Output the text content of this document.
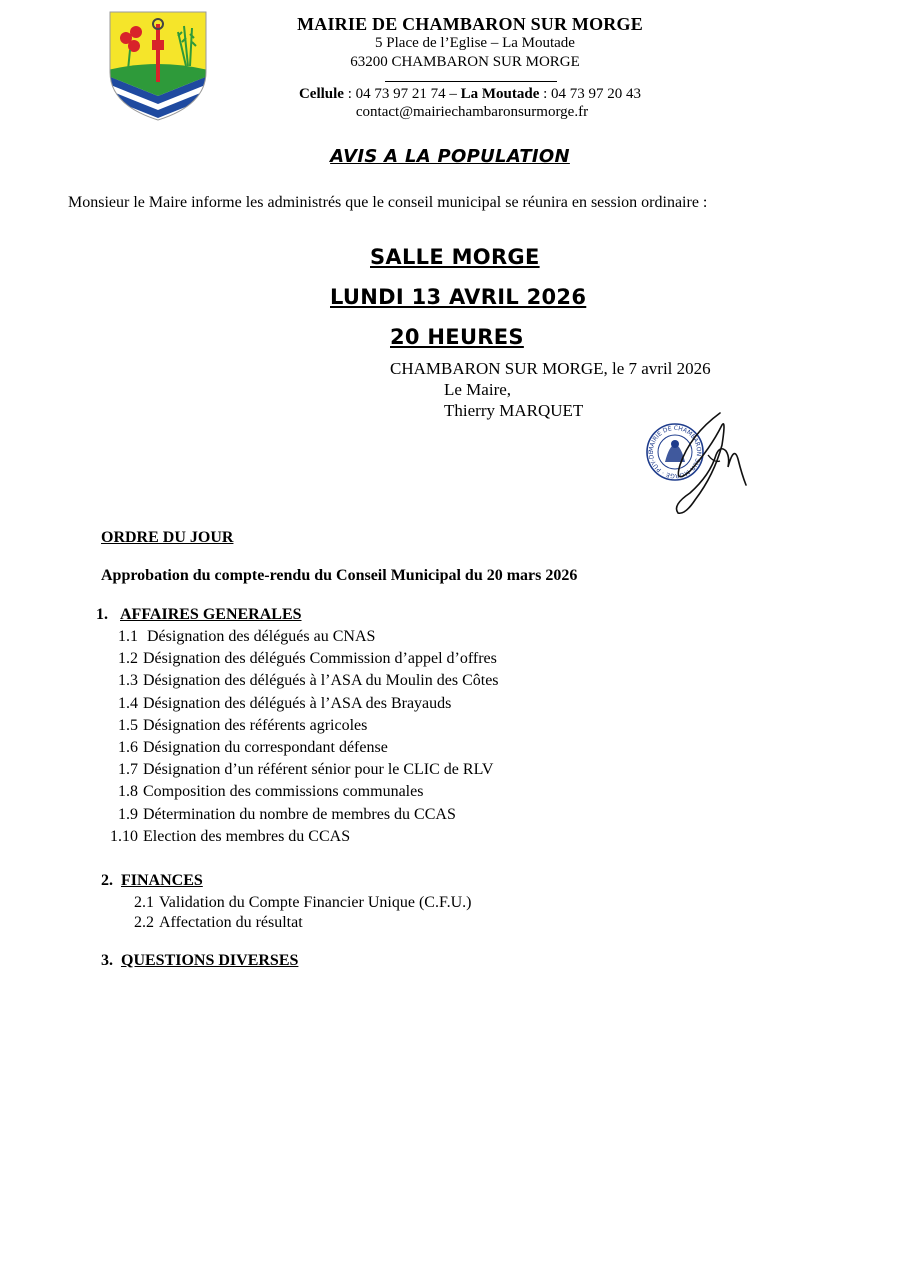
MAIRIE DE CHAMBARON SUR MORGE
5 Place de l’Eglise – La Moutade
63200 CHAMBARON SUR MORGE
Cellule : 04 73 97 21 74 – La Moutade : 04 73 97 20 43
contact@mairiechambaronsurmorge.fr
AVIS A LA POPULATION
Monsieur le Maire informe les administrés que le conseil municipal se réunira en session ordinaire :
SALLE MORGE
LUNDI 13 AVRIL 2026
20 HEURES
CHAMBARON SUR MORGE, le 7 avril 2026
Le Maire,
Thierry MARQUET
MAIRIE DE CHAMBARON SUR MORGE · PUY-DE
ORDRE DU JOUR
Approbation du compte-rendu du Conseil Municipal du 20 mars 2026
1. AFFAIRES GENERALES
1.1 Désignation des délégués au CNAS
1.2 Désignation des délégués Commission d’appel d’offres
1.3 Désignation des délégués à l’ASA du Moulin des Côtes
1.4 Désignation des délégués à l’ASA des Brayauds
1.5 Désignation des référents agricoles
1.6 Désignation du correspondant défense
1.7 Désignation d’un référent sénior pour le CLIC de RLV
1.8 Composition des commissions communales
1.9 Détermination du nombre de membres du CCAS
1.10 Election des membres du CCAS
2. FINANCES
2.1 Validation du Compte Financier Unique (C.F.U.)
2.2 Affectation du résultat
3. QUESTIONS DIVERSES
